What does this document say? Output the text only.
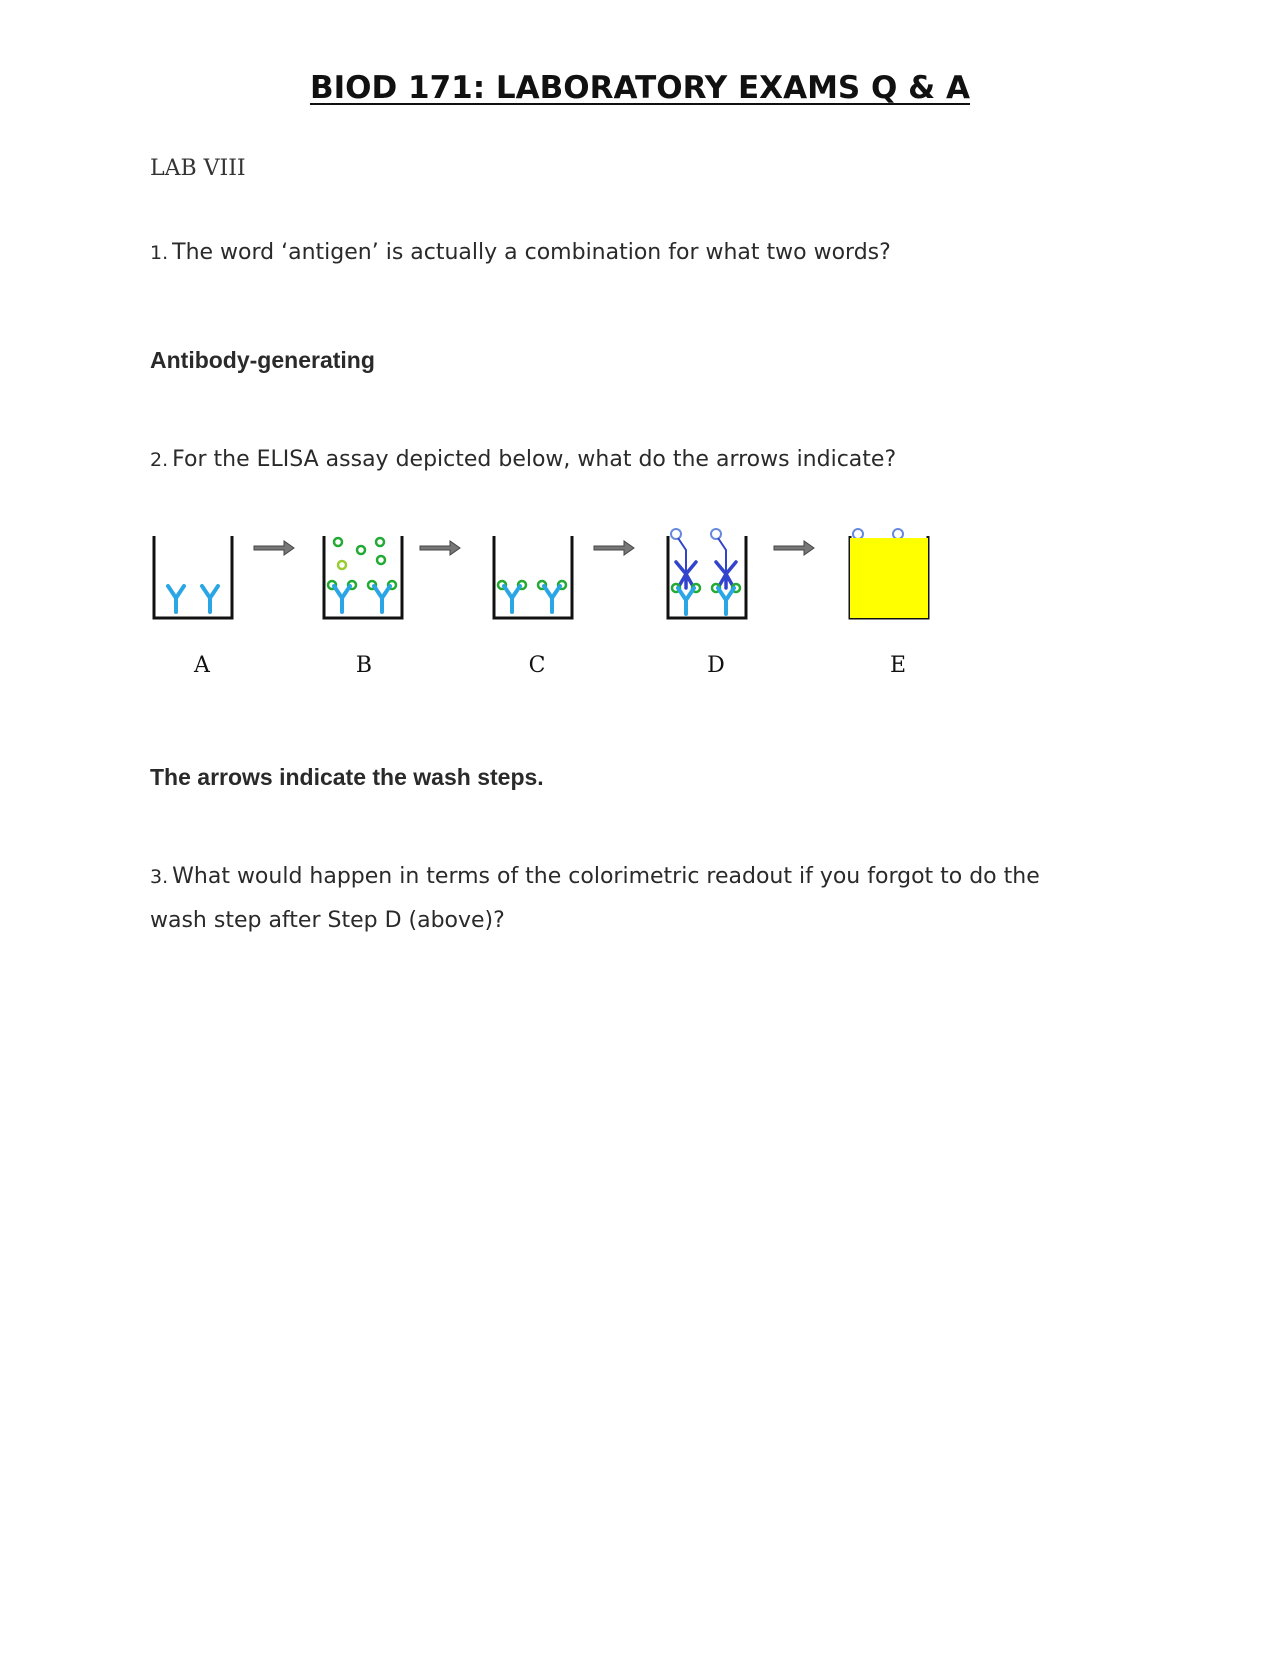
BIOD 171: LABORATORY EXAMS Q & A
LAB VIII
1. The word ‘antigen’ is actually a combination for what two words?
Antibody-generating
2. For the ELISA assay depicted below, what do the arrows indicate?
A	B	C	D	E
The arrows indicate the wash steps.
3. What would happen in terms of the colorimetric readout if you forgot to do the wash step after Step D (above)?
